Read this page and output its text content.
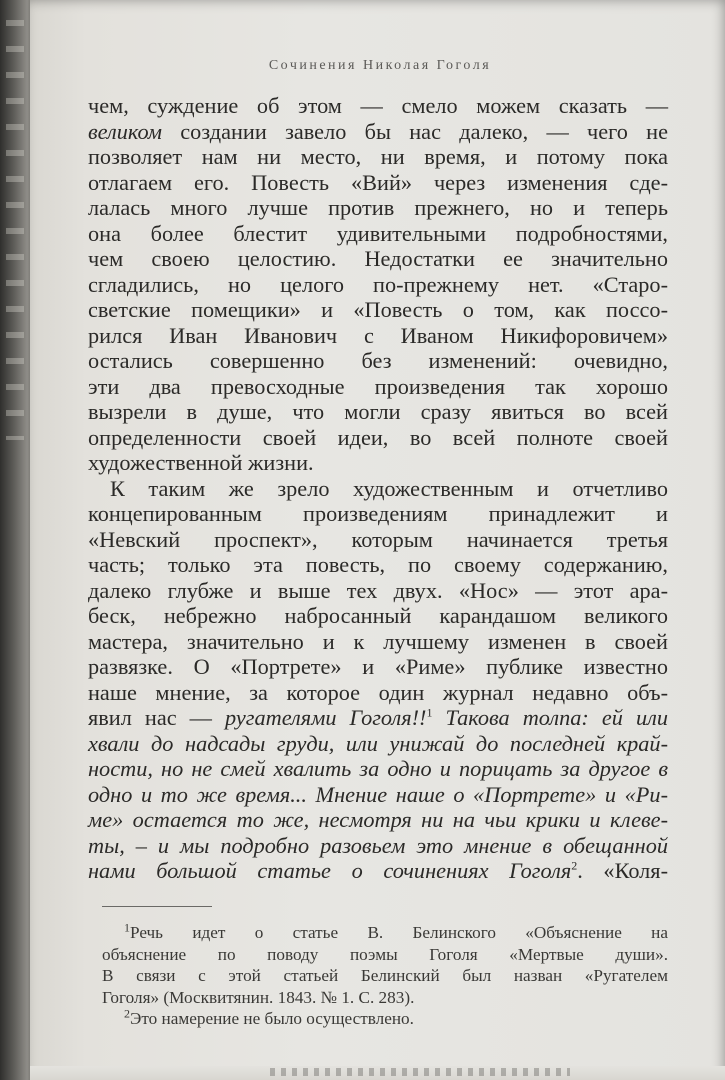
Сочинения Николая Гоголя
чем, суждение об этом — смело можем сказать —
великом создании завело бы нас далеко, — чего не
позволяет нам ни место, ни время, и потому пока
отлагаем его. Повесть «Вий» через изменения сде-
лалась много лучше против прежнего, но и теперь
она более блестит удивительными подробностями,
чем своею целостию. Недостатки ее значительно
сгладились, но целого по-прежнему нет. «Старо-
светские помещики» и «Повесть о том, как поссо-
рился Иван Иванович с Иваном Никифоровичем»
остались совершенно без изменений: очевидно,
эти два превосходные произведения так хорошо
вызрели в душе, что могли сразу явиться во всей
определенности своей идеи, во всей полноте своей
художественной жизни.
К таким же зрело художественным и отчетливо
концепированным произведениям принадлежит и
«Невский проспект», которым начинается третья
часть; только эта повесть, по своему содержанию,
далеко глубже и выше тех двух. «Нос» — этот ара-
беск, небрежно набросанный карандашом великого
мастера, значительно и к лучшему изменен в своей
развязке. О «Портрете» и «Риме» публике известно
наше мнение, за которое один журнал недавно объ-
явил нас — ругателями Гоголя!!$^1$ Такова толпа: ей или
хвали до надсады груди, или унижай до последней край-
ности, но не смей хвалить за одно и порицать за другое в
одно и то же время... Мнение наше о «Портрете» и «Ри-
ме» остается то же, несмотря ни на чьи крики и клеве-
ты, – и мы подробно разовьем это мнение в обещанной
нами большой статье о сочинениях Гоголя$^2$. «Коля-
$^1$Речь идет о статье В. Белинского «Объяснение на
объяснение по поводу поэмы Гоголя «Мертвые души».
В связи с этой статьей Белинский был назван «Ругателем
Гоголя» (Москвитянин. 1843. № 1. С. 283).
$^2$Это намерение не было осуществлено.
